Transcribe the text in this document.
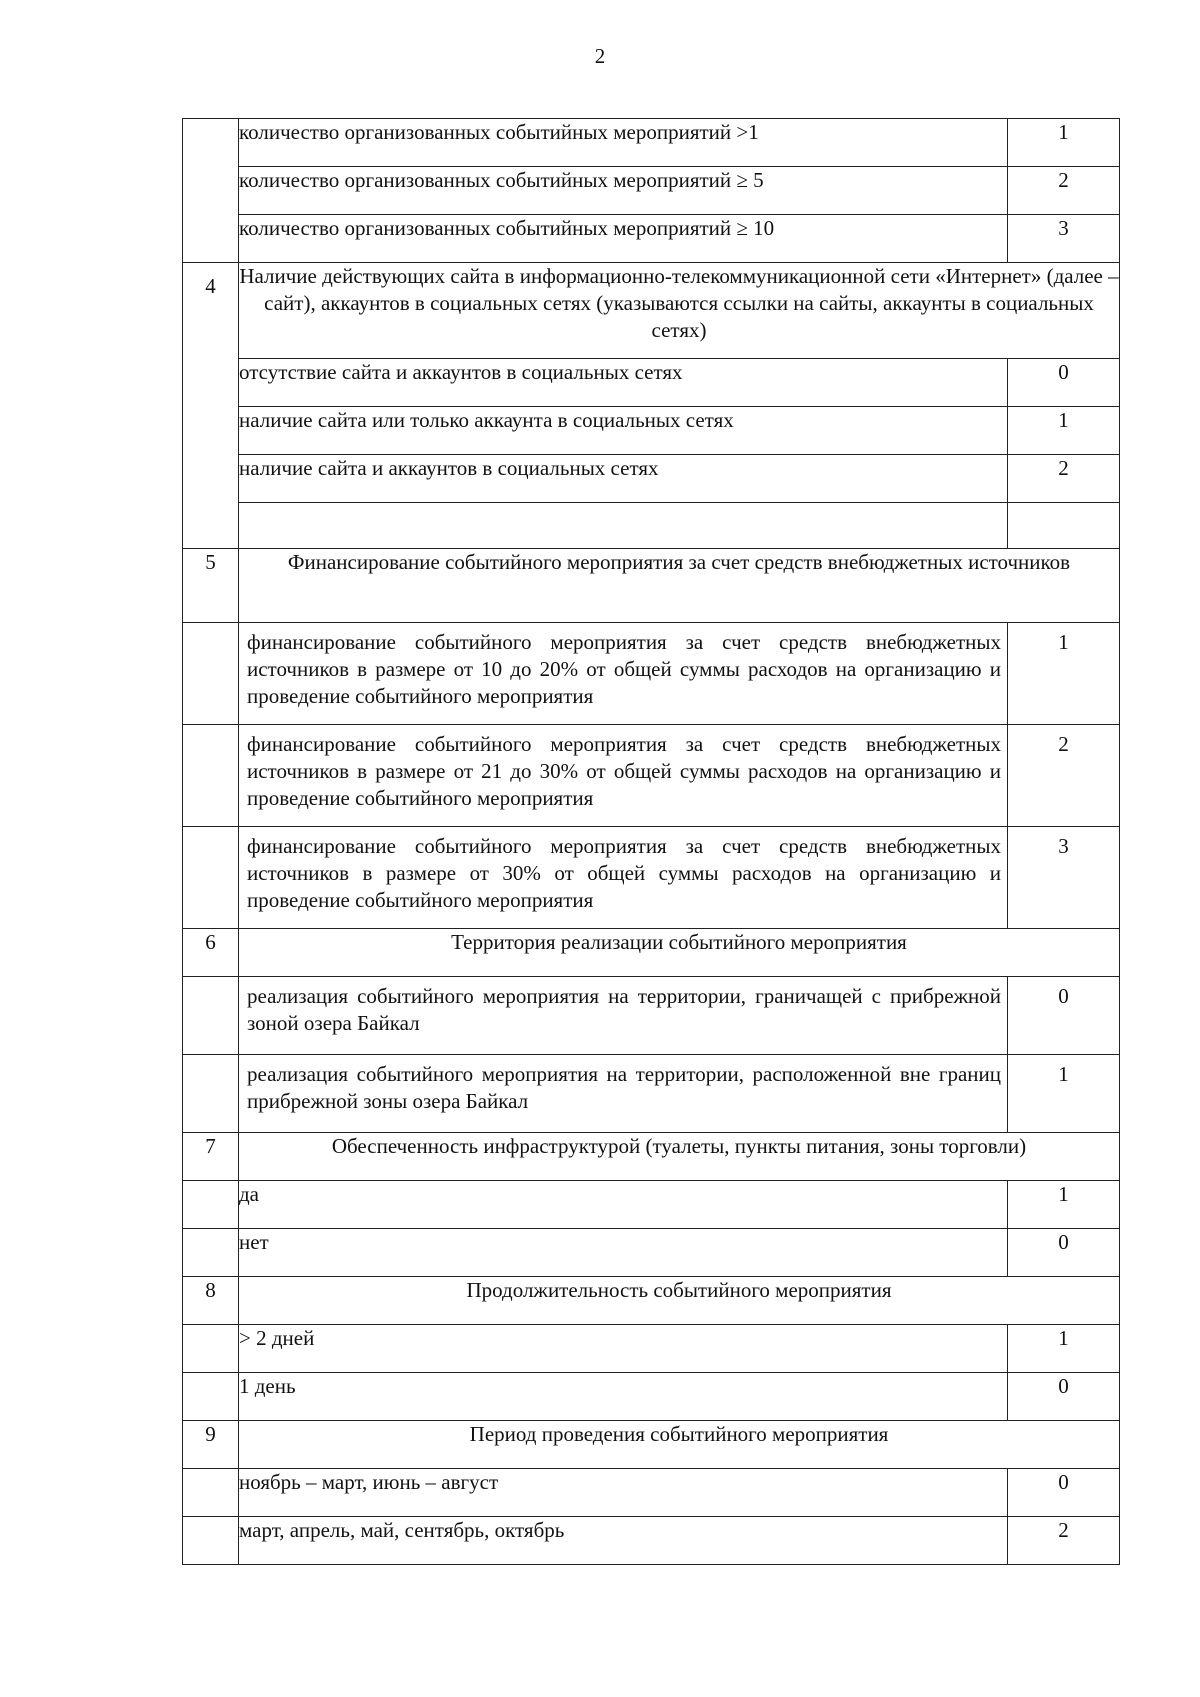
2
	количество организованных событийных мероприятий >1	1
	количество организованных событийных мероприятий ≥ 5	2
	количество организованных событийных мероприятий ≥ 10	3
4	Наличие действующих сайта в информационно-телекоммуникационной сети «Интернет» (далее – сайт), аккаунтов в социальных сетях (указываются ссылки на сайты, аккаунты в социальных сетях)	
	отсутствие сайта и аккаунтов в социальных сетях	0
	наличие сайта или только аккаунта в социальных сетях	1
	наличие сайта и аккаунтов в социальных сетях	2

5	Финансирование событийного мероприятия за счет средств внебюджетных источников	
	финансирование событийного мероприятия за счет средств внебюджетных источников в размере от 10 до 20% от общей суммы расходов на организацию и проведение событийного мероприятия	1
	финансирование событийного мероприятия за счет средств внебюджетных источников в размере от 21 до 30% от общей суммы расходов на организацию и проведение событийного мероприятия	2
	финансирование событийного мероприятия за счет средств внебюджетных источников в размере от 30% от общей суммы расходов на организацию и проведение событийного мероприятия	3
6	Территория реализации событийного мероприятия	
	реализация событийного мероприятия на территории, граничащей с прибрежной зоной озера Байкал	0
	реализация событийного мероприятия на территории, расположенной вне границ прибрежной зоны озера Байкал	1
7	Обеспеченность инфраструктурой (туалеты, пункты питания, зоны торговли)	
	да	1
	нет	0
8	Продолжительность событийного мероприятия	
	> 2 дней	1
	1 день	0
9	Период проведения событийного мероприятия	
	ноябрь – март, июнь – август	0
	март, апрель, май, сентябрь, октябрь	2
